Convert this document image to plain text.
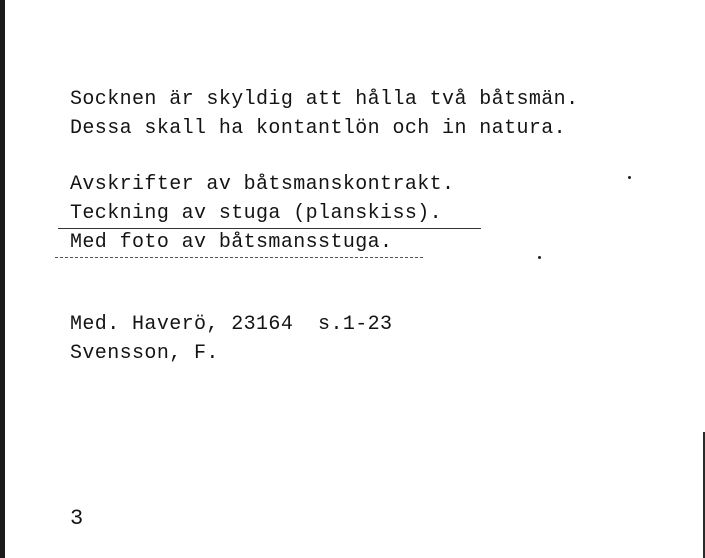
Socknen är skyldig att hålla två båtsmän.
Dessa skall ha kontantlön och in natura.
Avskrifter av båtsmanskontrakt.
Teckning av stuga (planskiss).
Med foto av båtsmansstuga.
Med. Haverö, 23164  s.1-23
Svensson, F.
3
